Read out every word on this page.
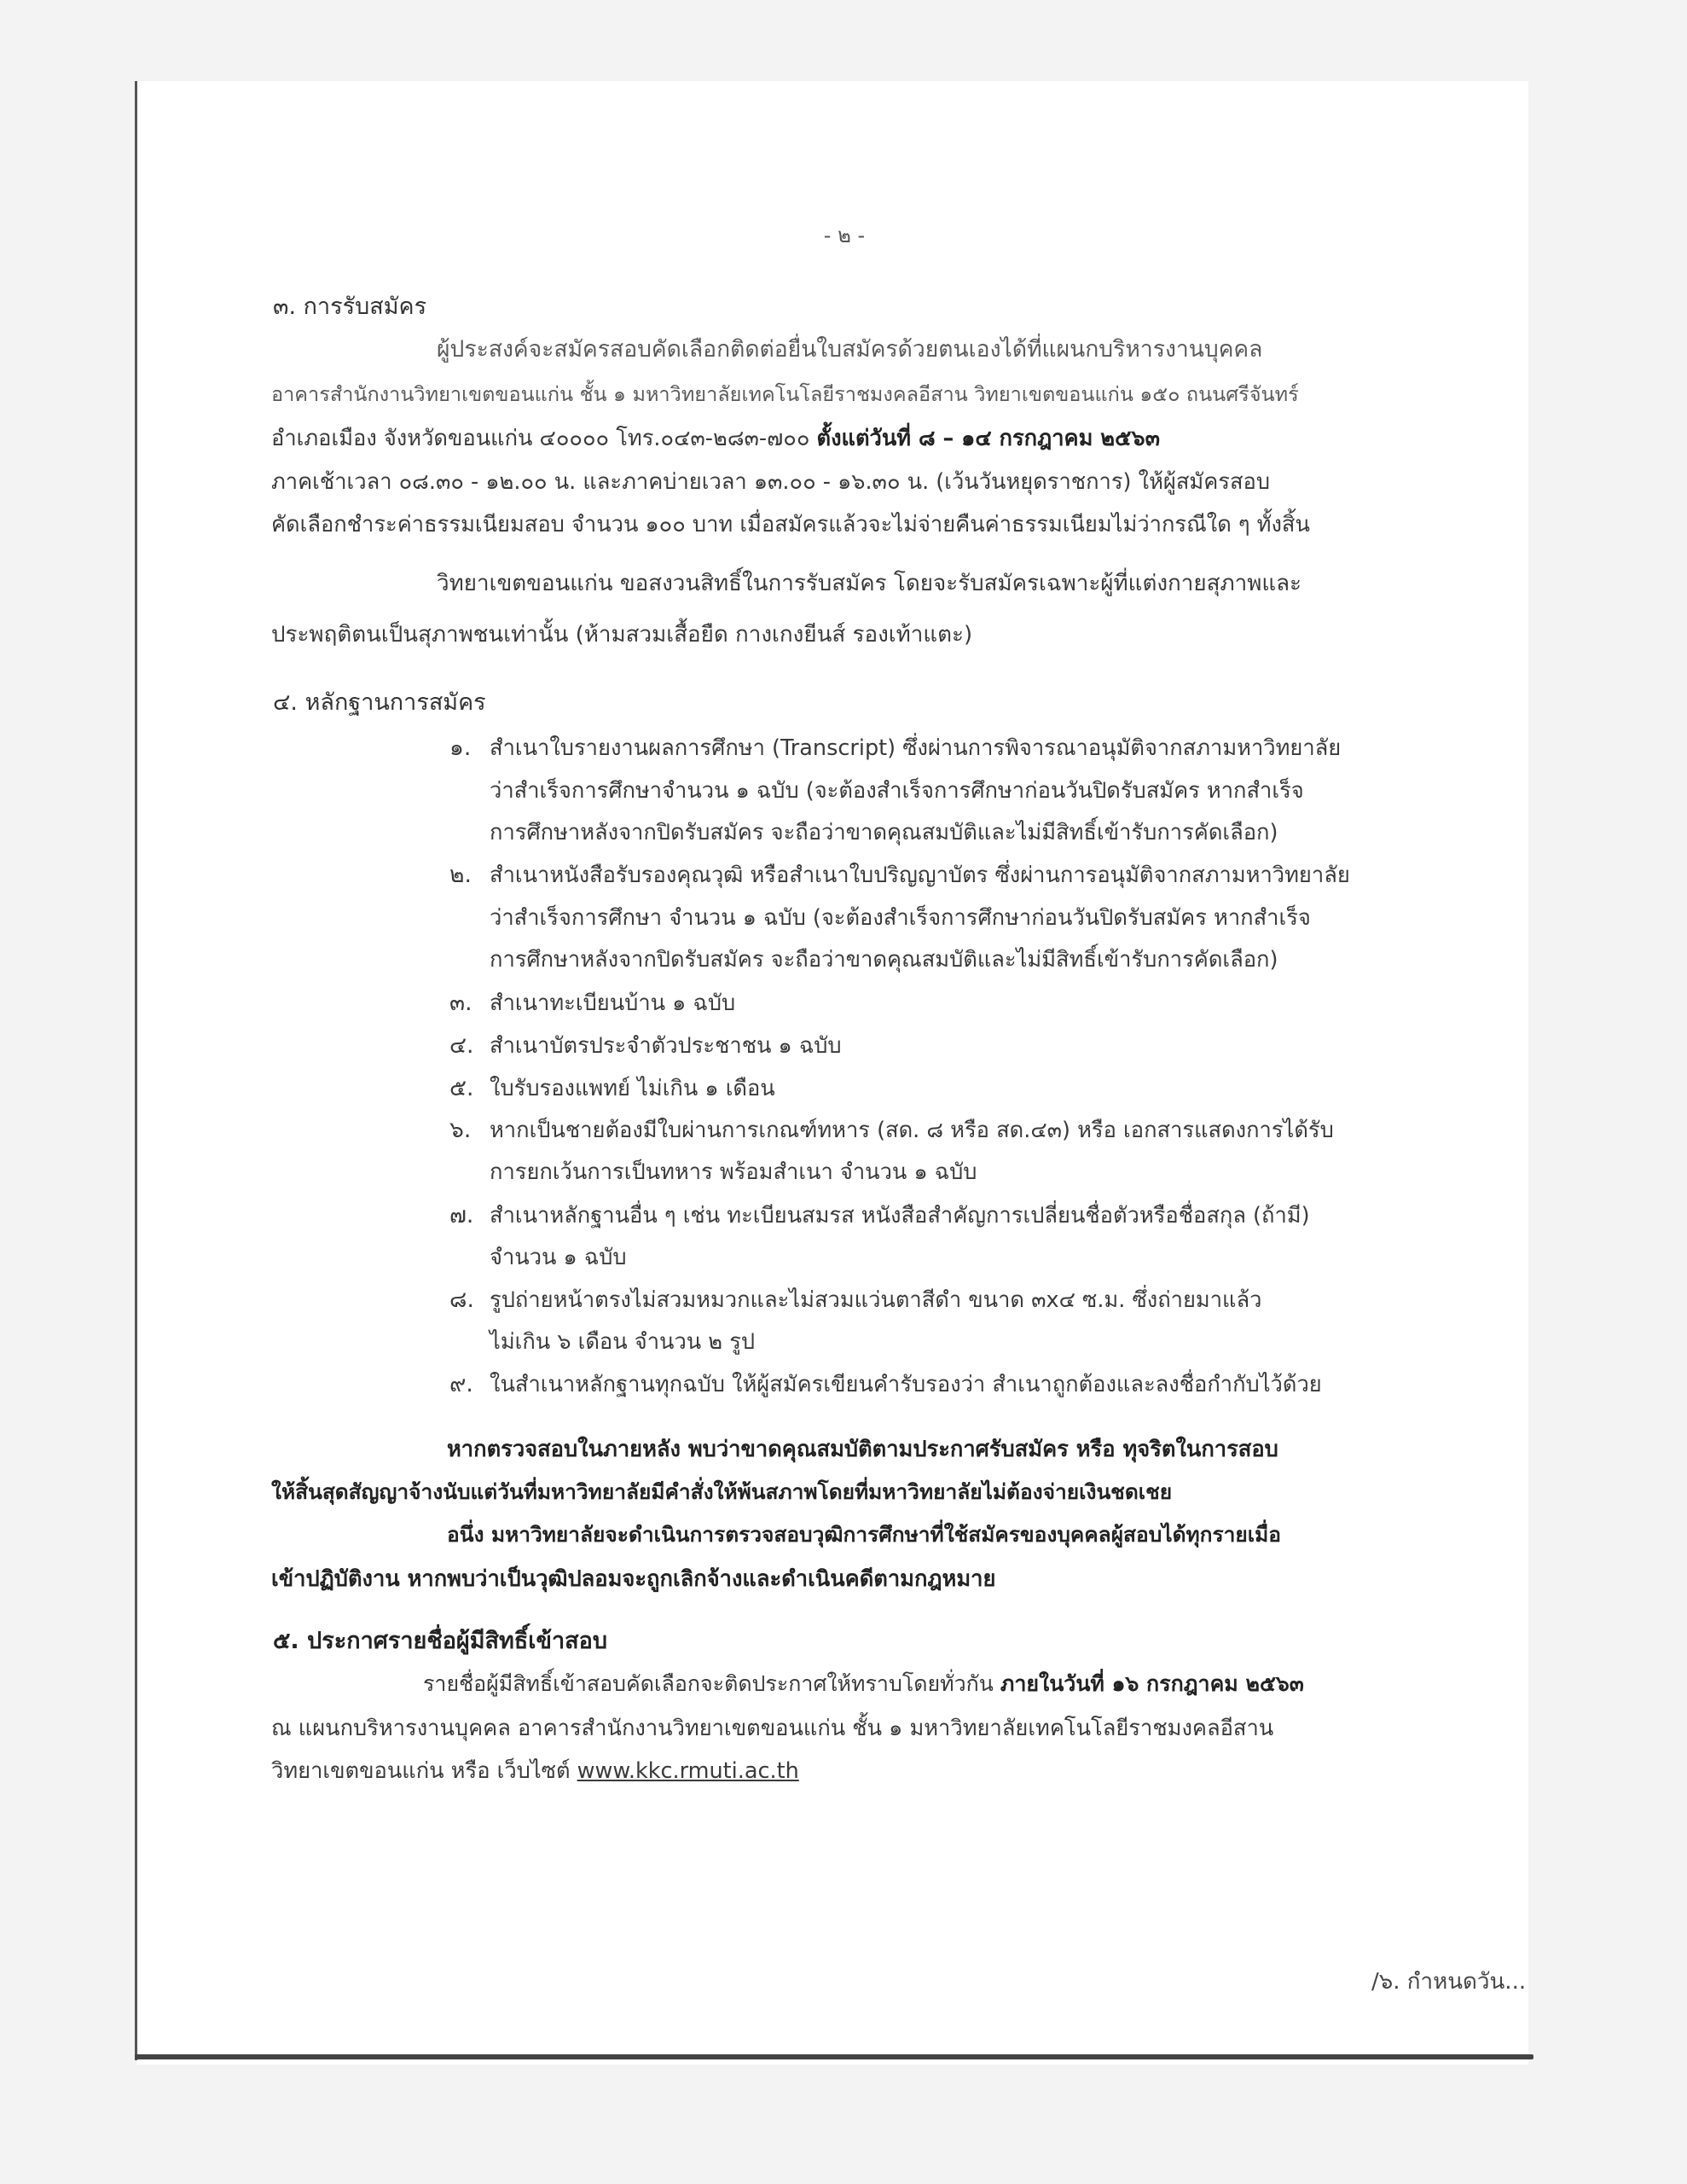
- ๒ -
๓. การรับสมัคร
ผู้ประสงค์จะสมัครสอบคัดเลือกติดต่อยื่นใบสมัครด้วยตนเองได้ที่แผนกบริหารงานบุคคล
อาคารสำนักงานวิทยาเขตขอนแก่น ชั้น ๑ มหาวิทยาลัยเทคโนโลยีราชมงคลอีสาน วิทยาเขตขอนแก่น ๑๕๐ ถนนศรีจันทร์
อำเภอเมือง จังหวัดขอนแก่น ๔๐๐๐๐ โทร.๐๔๓-๒๘๓-๗๐๐ ตั้งแต่วันที่ ๘ – ๑๔ กรกฎาคม ๒๕๖๓
ภาคเช้าเวลา ๐๘.๓๐ - ๑๒.๐๐ น. และภาคบ่ายเวลา ๑๓.๐๐ - ๑๖.๓๐ น. (เว้นวันหยุดราชการ) ให้ผู้สมัครสอบ
คัดเลือกชำระค่าธรรมเนียมสอบ จำนวน ๑๐๐ บาท เมื่อสมัครแล้วจะไม่จ่ายคืนค่าธรรมเนียมไม่ว่ากรณีใด ๆ ทั้งสิ้น
วิทยาเขตขอนแก่น ขอสงวนสิทธิ์ในการรับสมัคร โดยจะรับสมัครเฉพาะผู้ที่แต่งกายสุภาพและ
ประพฤติตนเป็นสุภาพชนเท่านั้น (ห้ามสวมเสื้อยืด กางเกงยีนส์ รองเท้าแตะ)
๔. หลักฐานการสมัคร
๑. สำเนาใบรายงานผลการศึกษา (Transcript) ซึ่งผ่านการพิจารณาอนุมัติจากสภามหาวิทยาลัย
ว่าสำเร็จการศึกษาจำนวน ๑ ฉบับ (จะต้องสำเร็จการศึกษาก่อนวันปิดรับสมัคร หากสำเร็จ
การศึกษาหลังจากปิดรับสมัคร จะถือว่าขาดคุณสมบัติและไม่มีสิทธิ์เข้ารับการคัดเลือก)
๒. สำเนาหนังสือรับรองคุณวุฒิ หรือสำเนาใบปริญญาบัตร ซึ่งผ่านการอนุมัติจากสภามหาวิทยาลัย
ว่าสำเร็จการศึกษา จำนวน ๑ ฉบับ (จะต้องสำเร็จการศึกษาก่อนวันปิดรับสมัคร หากสำเร็จ
การศึกษาหลังจากปิดรับสมัคร จะถือว่าขาดคุณสมบัติและไม่มีสิทธิ์เข้ารับการคัดเลือก)
๓. สำเนาทะเบียนบ้าน ๑ ฉบับ
๔. สำเนาบัตรประจำตัวประชาชน ๑ ฉบับ
๕. ใบรับรองแพทย์ ไม่เกิน ๑ เดือน
๖. หากเป็นชายต้องมีใบผ่านการเกณฑ์ทหาร (สด. ๘ หรือ สด.๔๓) หรือ เอกสารแสดงการได้รับ
การยกเว้นการเป็นทหาร พร้อมสำเนา จำนวน ๑ ฉบับ
๗. สำเนาหลักฐานอื่น ๆ เช่น ทะเบียนสมรส หนังสือสำคัญการเปลี่ยนชื่อตัวหรือชื่อสกุล (ถ้ามี)
จำนวน ๑ ฉบับ
๘. รูปถ่ายหน้าตรงไม่สวมหมวกและไม่สวมแว่นตาสีดำ ขนาด ๓x๔ ซ.ม. ซึ่งถ่ายมาแล้ว
ไม่เกิน ๖ เดือน จำนวน ๒ รูป
๙. ในสำเนาหลักฐานทุกฉบับ ให้ผู้สมัครเขียนคำรับรองว่า สำเนาถูกต้องและลงชื่อกำกับไว้ด้วย
หากตรวจสอบในภายหลัง พบว่าขาดคุณสมบัติตามประกาศรับสมัคร หรือ ทุจริตในการสอบ
ให้สิ้นสุดสัญญาจ้างนับแต่วันที่มหาวิทยาลัยมีคำสั่งให้พ้นสภาพโดยที่มหาวิทยาลัยไม่ต้องจ่ายเงินชดเชย
อนึ่ง มหาวิทยาลัยจะดำเนินการตรวจสอบวุฒิการศึกษาที่ใช้สมัครของบุคคลผู้สอบได้ทุกรายเมื่อ
เข้าปฏิบัติงาน หากพบว่าเป็นวุฒิปลอมจะถูกเลิกจ้างและดำเนินคดีตามกฎหมาย
๕. ประกาศรายชื่อผู้มีสิทธิ์เข้าสอบ
รายชื่อผู้มีสิทธิ์เข้าสอบคัดเลือกจะติดประกาศให้ทราบโดยทั่วกัน ภายในวันที่ ๑๖ กรกฎาคม ๒๕๖๓
ณ แผนกบริหารงานบุคคล อาคารสำนักงานวิทยาเขตขอนแก่น ชั้น ๑ มหาวิทยาลัยเทคโนโลยีราชมงคลอีสาน
วิทยาเขตขอนแก่น หรือ เว็บไซต์ www.kkc.rmuti.ac.th
/๖. กำหนดวัน...
